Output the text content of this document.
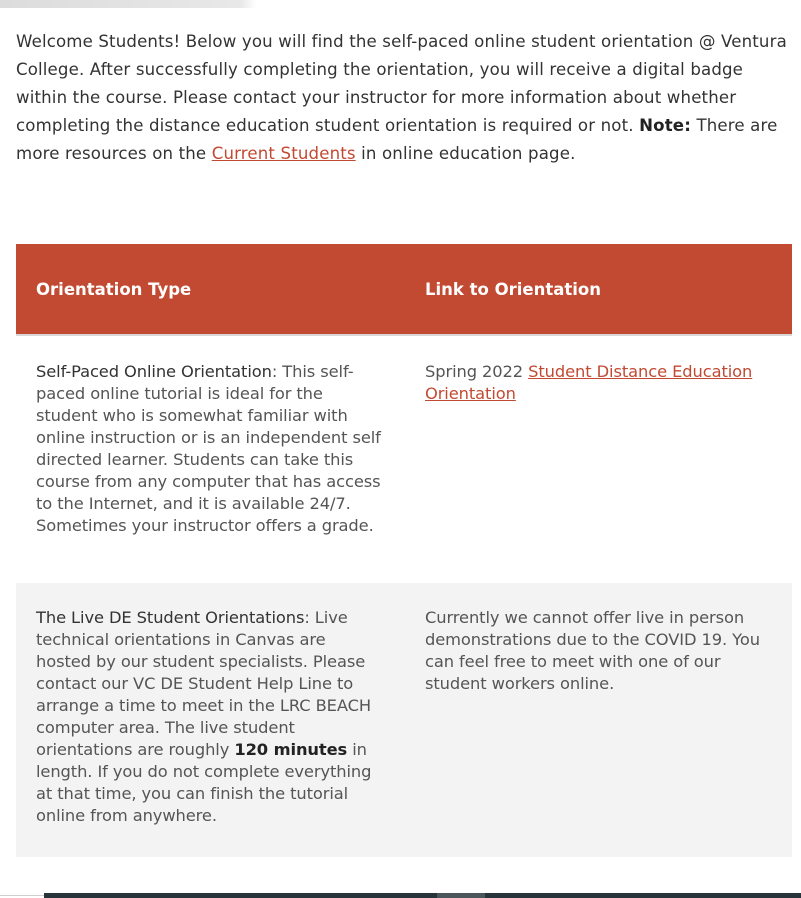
Welcome Students! Below you will find the self-paced online student orientation @ Ventura College. After successfully completing the orientation, you will receive a digital badge within the course. Please contact your instructor for more information about whether completing the distance education student orientation is required or not. Note: There are more resources on the Current Students in online education page.

Orientation Type	Link to Orientation
Self-Paced Online Orientation: This self-paced online tutorial is ideal for the student who is somewhat familiar with online instruction or is an independent self directed learner. Students can take this course from any computer that has access to the Internet, and it is available 24/7. Sometimes your instructor offers a grade.	Spring 2022 Student Distance Education Orientation
The Live DE Student Orientations: Live technical orientations in Canvas are hosted by our student specialists. Please contact our VC DE Student Help Line to arrange a time to meet in the LRC BEACH computer area. The live student orientations are roughly 120 minutes in length. If you do not complete everything at that time, you can finish the tutorial online from anywhere.	Currently we cannot offer live in person demonstrations due to the COVID 19. You can feel free to meet with one of our student workers online.
